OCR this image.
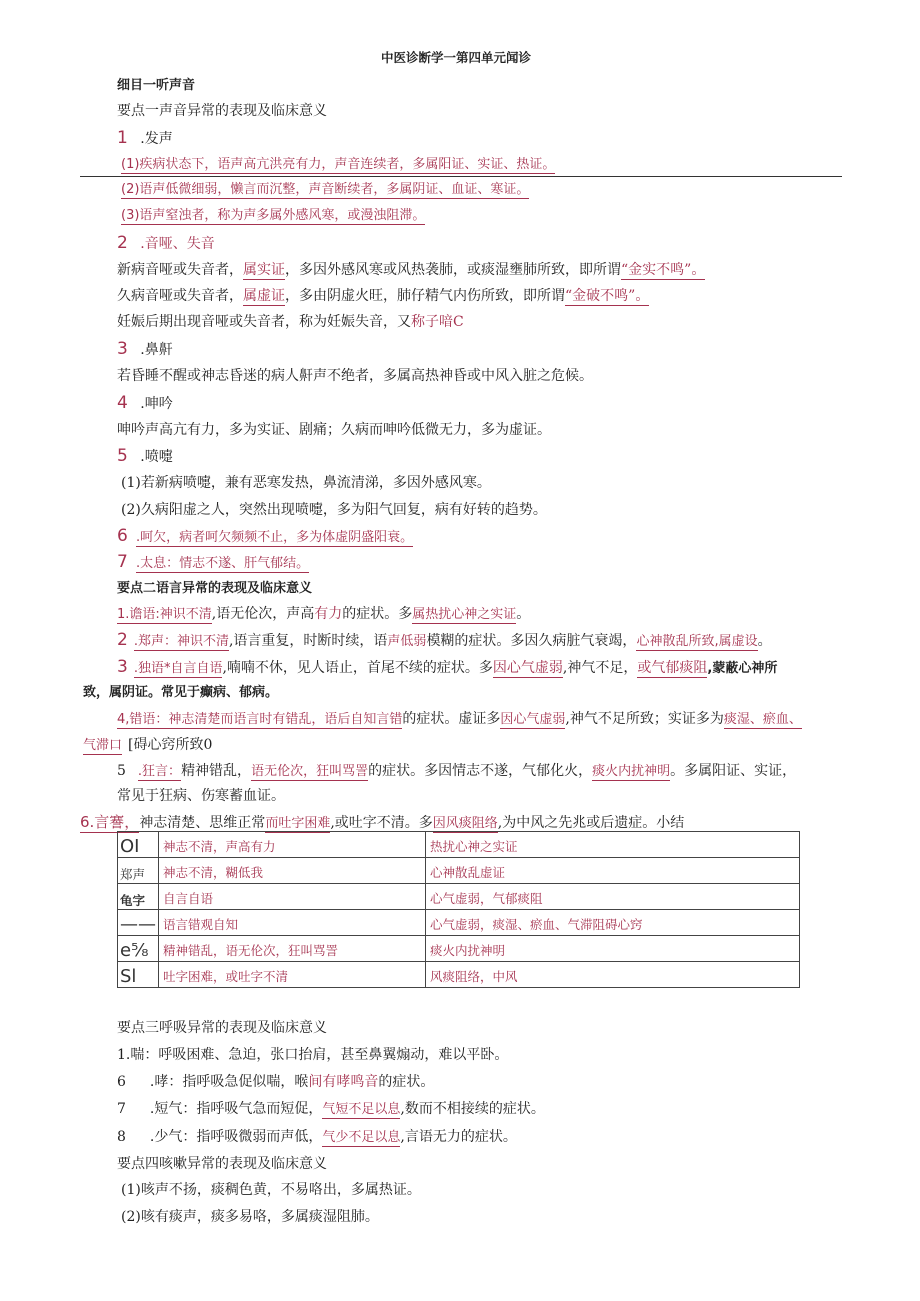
中医诊断学一第四单元闻诊
细目一听声音
要点一声音异常的表现及临床意义
1 .发声
(1)疾病状态下，语声高亢洪亮有力，声音连续者，多属阳证、实证、热证。
(2)语声低微细弱，懒言而沉整，声音断续者，多属阴证、血证、寒证。
(3)语声窒浊者，称为声多属外感风寒，或漫浊阻滞。
2 .音哑、失音
新病音哑或失音者，属实证，多因外感风寒或风热袭肺，或痰湿壅肺所致，即所谓“金实不鸣”。
久病音哑或失音者，属虚证，多由阴虚火旺，肺仔精气内伤所致，即所谓“金破不鸣”。
妊娠后期出现音哑或失音者，称为妊娠失音，又称子喑C
3 .鼻鼾
若昏睡不醒或神志昏迷的病人鼾声不绝者，多属高热神昏或中风入脏之危候。
4 .呻吟
呻吟声高亢有力，多为实证、剧痛；久病而呻吟低微无力，多为虚证。
5 .喷嚏
(1)若新病喷嚏，兼有恶寒发热，鼻流清涕，多因外感风寒。
(2)久病阳虚之人，突然出现喷嚏，多为阳气回复，病有好转的趋势。
6 .呵欠，病者呵欠频频不止，多为体虚阴盛阳衰。
7 .太息：情志不遂、肝气郁结。
要点二语言异常的表现及临床意义
1.谵语:神识不清,语无伦次，声高有力的症状。多属热扰心神之实证。
2 .郑声：神识不清,语言重复，时断时续，语声低弱模糊的症状。多因久病脏气衰竭，心神散乱所致,属虚设。
3 .独语*自言自语,喃喃不休，见人语止，首尾不续的症状。多因心气虚弱,神气不足，或气郁痰阻,蒙蔽心神所
致，属阴证。常见于癫病、郁病。
4,错语：神志清楚而语言时有错乱，语后自知言错的症状。虚证多因心气虚弱,神气不足所致；实证多为痰湿、瘀血、
气滞口 [碍心窍所致0
5 .狂言：精神错乱，语无伦次，狂叫骂詈的症状。多因情志不遂，气郁化火，痰火内扰神明。多属阳证、实证，
常见于狂病、伤寒蓄血证。
6.言謇，神志清楚、思维正常而吐字困难,或吐字不清。多因风痰阻络,为中风之先兆或后遗症。小结
OI	神志不清，声高有力	热扰心神之实证
郑声	神志不清，糊低我	心神散乱虚证
龟字	自言自语	心气虚弱，气郁痰阻
——	语言错观自知	心气虚弱，痰湿、瘀血、气滞阻碍心窍
e⁵⁄₈	精神错乱，语无伦次，狂叫骂詈	痰火内扰神明
Sl	吐字困难，或吐字不清	风痰阻络，中风
要点三呼吸异常的表现及临床意义
1.喘：呼吸困难、急迫，张口抬肩，甚至鼻翼煽动，难以平卧。
6 .哮：指呼吸急促似喘，喉间有哮鸣音的症状。
7 .短气：指呼吸气急而短促，气短不足以息,数而不相接续的症状。
8 .少气：指呼吸微弱而声低，气少不足以息,言语无力的症状。
要点四咳嗽异常的表现及临床意义
(1)咳声不扬，痰稠色黄，不易咯出，多属热证。
(2)咳有痰声，痰多易咯，多属痰湿阻肺。
